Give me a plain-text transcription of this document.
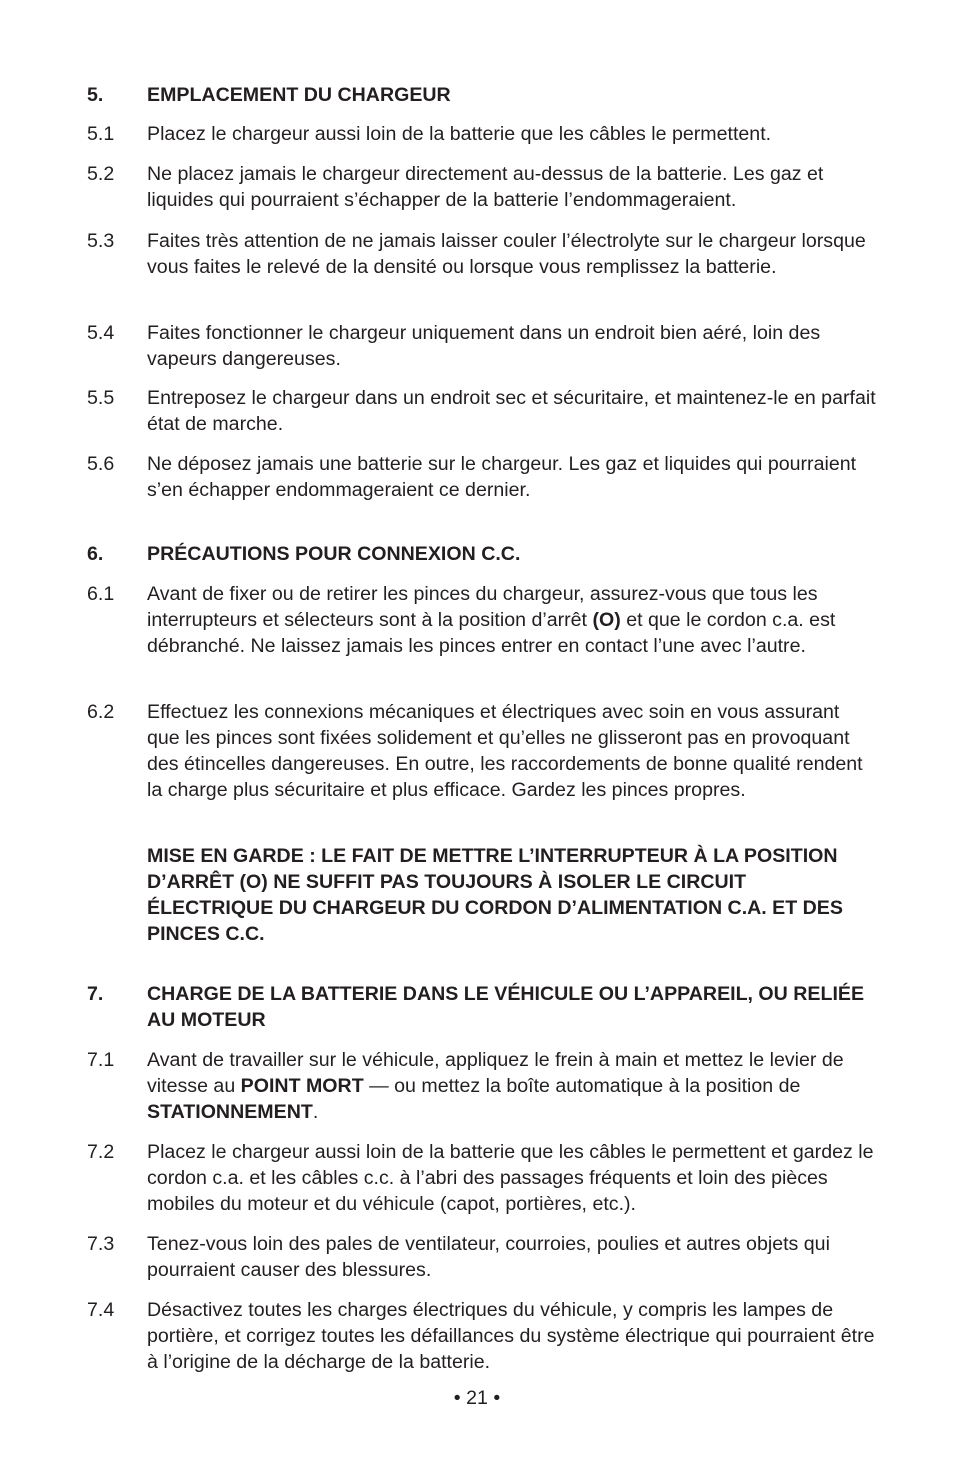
5. EMPLACEMENT DU CHARGEUR
5.1 Placez le chargeur aussi loin de la batterie que les câbles le permettent.
5.2 Ne placez jamais le chargeur directement au-dessus de la batterie. Les gaz et liquides qui pourraient s’échapper de la batterie l’endommageraient.
5.3 Faites très attention de ne jamais laisser couler l’électrolyte sur le chargeur lorsque vous faites le relevé de la densité ou lorsque vous remplissez la batterie.
5.4 Faites fonctionner le chargeur uniquement dans un endroit bien aéré, loin des vapeurs dangereuses.
5.5 Entreposez le chargeur dans un endroit sec et sécuritaire, et maintenez-le en parfait état de marche.
5.6 Ne déposez jamais une batterie sur le chargeur. Les gaz et liquides qui pourraient s’en échapper endommageraient ce dernier.
6. PRÉCAUTIONS POUR CONNEXION C.C.
6.1 Avant de fixer ou de retirer les pinces du chargeur, assurez-vous que tous les interrupteurs et sélecteurs sont à la position d’arrêt (O) et que le cordon c.a. est débranché. Ne laissez jamais les pinces entrer en contact l’une avec l’autre.
6.2 Effectuez les connexions mécaniques et électriques avec soin en vous assurant que les pinces sont fixées solidement et qu’elles ne glisseront pas en provoquant des étincelles dangereuses. En outre, les raccordements de bonne qualité rendent la charge plus sécuritaire et plus efficace. Gardez les pinces propres.
MISE EN GARDE : LE FAIT DE METTRE L’INTERRUPTEUR À LA POSITION D’ARRÊT (O) NE SUFFIT PAS TOUJOURS À ISOLER LE CIRCUIT ÉLECTRIQUE DU CHARGEUR DU CORDON D’ALIMENTATION C.A. ET DES PINCES C.C.
7. CHARGE DE LA BATTERIE DANS LE VÉHICULE OU L’APPAREIL, OU RELIÉE AU MOTEUR
7.1 Avant de travailler sur le véhicule, appliquez le frein à main et mettez le levier de vitesse au POINT MORT — ou mettez la boîte automatique à la position de STATIONNEMENT.
7.2 Placez le chargeur aussi loin de la batterie que les câbles le permettent et gardez le cordon c.a. et les câbles c.c. à l’abri des passages fréquents et loin des pièces mobiles du moteur et du véhicule (capot, portières, etc.).
7.3 Tenez-vous loin des pales de ventilateur, courroies, poulies et autres objets qui pourraient causer des blessures.
7.4 Désactivez toutes les charges électriques du véhicule, y compris les lampes de portière, et corrigez toutes les défaillances du système électrique qui pourraient être à l’origine de la décharge de la batterie.
• 21 •
